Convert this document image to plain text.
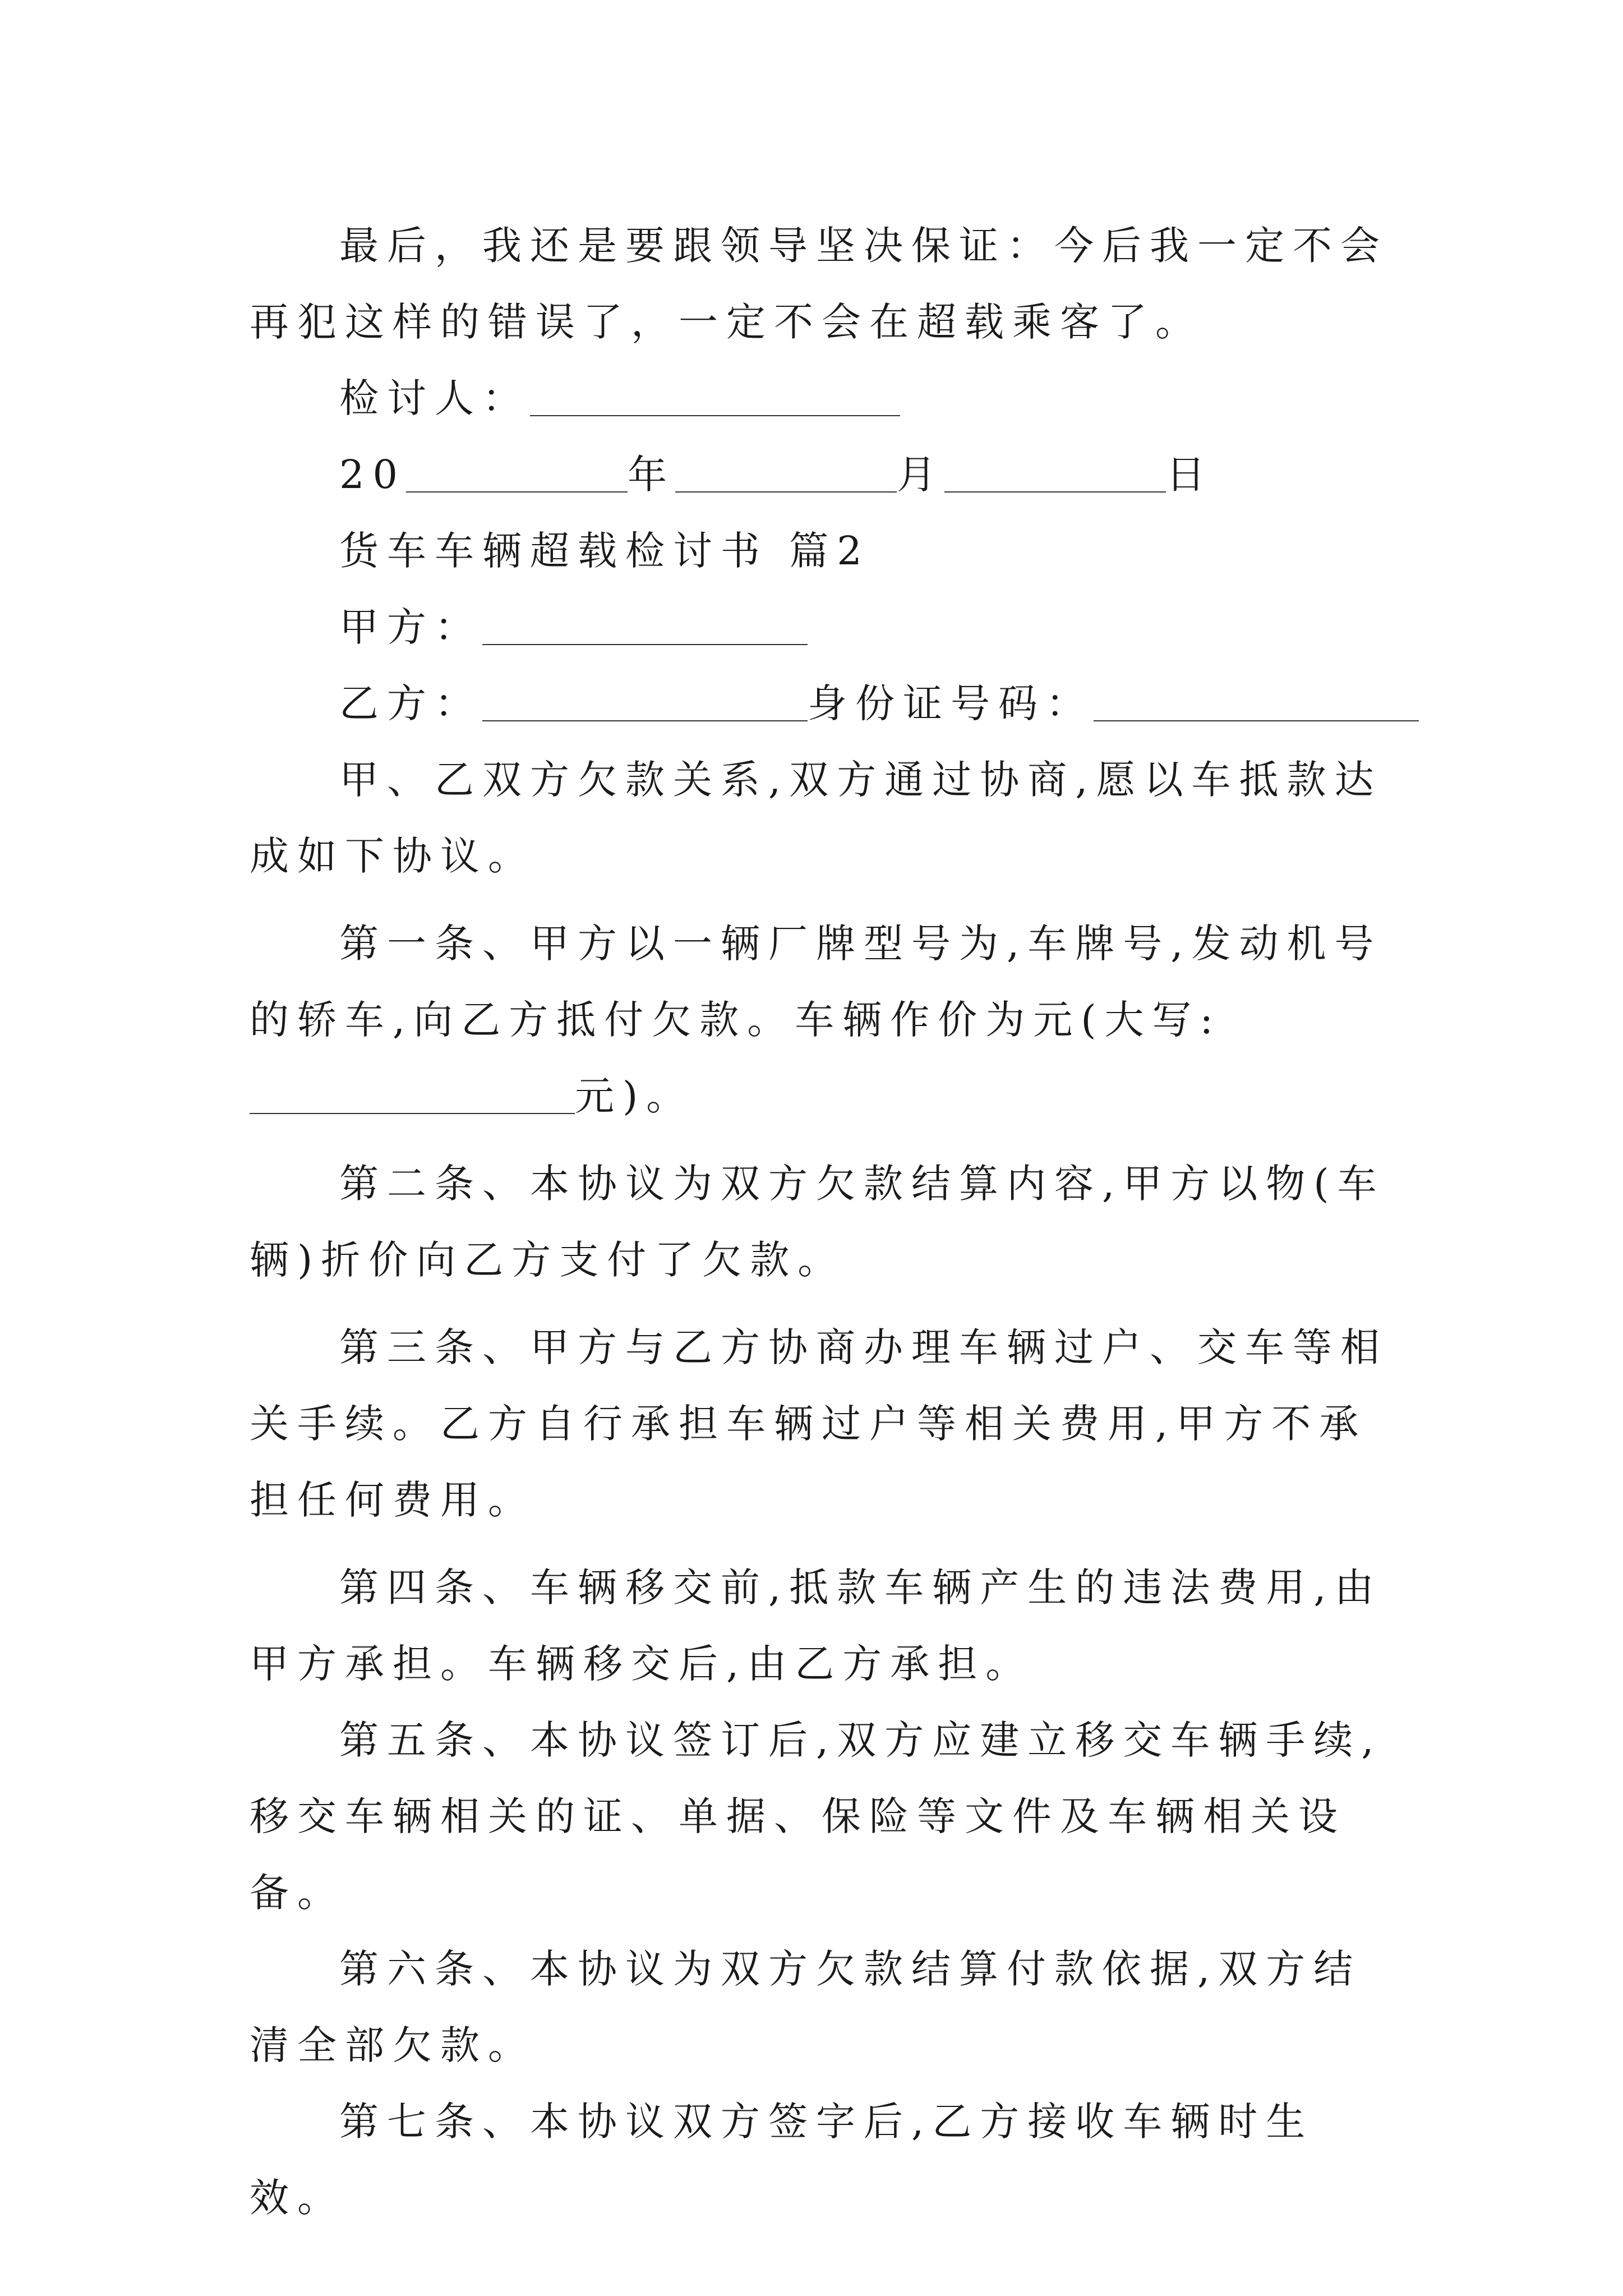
最后，我还是要跟领导坚决保证：今后我一定不会再犯这样的错误了，一定不会在超载乘客了。

检讨人：

20	年	月	日

货车车辆超载检讨书 篇2

甲方：

乙方：	身份证号码：

甲、乙双方欠款关系,双方通过协商,愿以车抵款达成如下协议。

第一条、甲方以一辆厂牌型号为,车牌号,发动机号的轿车,向乙方抵付欠款。车辆作价为元(大写:元)。

第二条、本协议为双方欠款结算内容,甲方以物(车辆)折价向乙方支付了欠款。

第三条、甲方与乙方协商办理车辆过户、交车等相关手续。乙方自行承担车辆过户等相关费用,甲方不承担任何费用。

第四条、车辆移交前,抵款车辆产生的违法费用,由甲方承担。车辆移交后,由乙方承担。

第五条、本协议签订后,双方应建立移交车辆手续,移交车辆相关的证、单据、保险等文件及车辆相关设备。

第六条、本协议为双方欠款结算付款依据,双方结清全部欠款。

第七条、本协议双方签字后,乙方接收车辆时生效。
